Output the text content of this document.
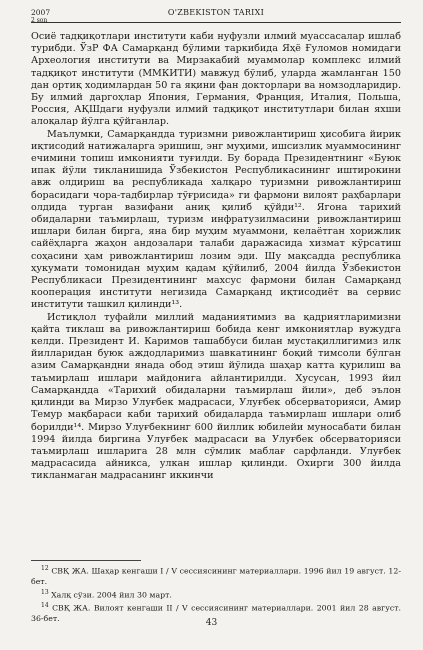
2007
2 son
O'ZBEKISTON TARIXI

Осиё тадқиқотлари институти каби нуфузли илмий муассасалар ишлаб турибди. ЎзР ФА Самарқанд бўлими таркибида Яҳё Ғуломов номидаги Археология институти ва Мирзакабий муаммолар комплекс илмий тадқиқот институти (ММКИТИ) мавжуд бўлиб, уларда жамланган 150 дан ортиқ ходимлардан 50 га яқини фан докторлари ва номзодларидир. Бу илмий даргоҳлар Япония, Германия, Франция, Италия, Польша, Россия, АҚШдаги нуфузли илмий тадқиқот институтлари билан яхши алоқалар йўлга қўйганлар.

Маълумки, Самарқандда туризмни ривожлантириш ҳисобига йирик иқтисодий натижаларга эришиш, энг муҳими, ишсизлик муаммосининг ечимини топиш имконияти туғилди. Бу борада Президентнинг «Буюк ипак йўли тикланишида Ўзбекистон Республикасининг иштирокини авж олдириш ва республикада халқаро туризмни ривожлантириш борасидаги чора-тадбирлар тўғрисида» ги фармони вилоят раҳбарлари олдида турган вазифани аниқ қилиб қўйди¹². Ягона тарихий обидаларни таъмирлаш, туризм инфратузилмасини ривожлантириш ишлари билан бирга, яна бир муҳим муаммони, келаётган хорижлик сайёҳларга жаҳон андозалари талаби даражасида хизмат кўрсатиш соҳасини ҳам ривожлантириш лозим эди. Шу мақсадда республика ҳукумати томонидан муҳим қадам қўйилиб, 2004 йилда Ўзбекистон Республикаси Президентининг махсус фармони билан Самарқанд кооперация институти негизида Самарқанд иқтисодиёт ва сервис институти ташкил қилинди¹³.

Истиқлол туфайли миллий маданиятимиз ва қадриятларимизни қайта тиклаш ва ривожлантириш бобида кенг имкониятлар вужудга келди. Президент И. Каримов ташаббуси билан мустақиллигимиз илк йилларидан буюк аждодларимиз шавкатининг боқий тимсоли бўлган азим Самарқандни янада обод этиш йўлида шаҳар катта қурилиш ва таъмирлаш ишлари майдонига айлантирилди. Хусусан, 1993 йил Самарқандда «Тарихий обидаларни таъмирлаш йили», деб эълон қилинди ва Мирзо Улуғбек мадрасаси, Улуғбек обсерваторияси, Амир Темур мақбараси каби тарихий обидаларда таъмирлаш ишлари олиб борилди¹⁴. Мирзо Улуғбекнинг 600 йиллик юбилейи муносабати билан 1994 йилда биргина Улуғбек мадрасаси ва Улуғбек обсерваторияси таъмирлаш ишларига 28 млн сўмлик маблағ сарфланди. Улуғбек мадрасасида айникса, улкан ишлар қилинди. Охирги 300 йилда тикланмаган мадрасанинг иккинчи

$^{12}$ СВҚ ЖА. Шаҳар кенгаши I / V сессиясининг материаллари. 1996 йил 19 август. 12-бет.

$^{13}$ Халқ сўзи. 2004 йил 30 март.

$^{14}$ СВҚ ЖА. Вилоят кенгаши II / V сессиясининг материаллари. 2001 йил 28 август. 36-бет.	43
